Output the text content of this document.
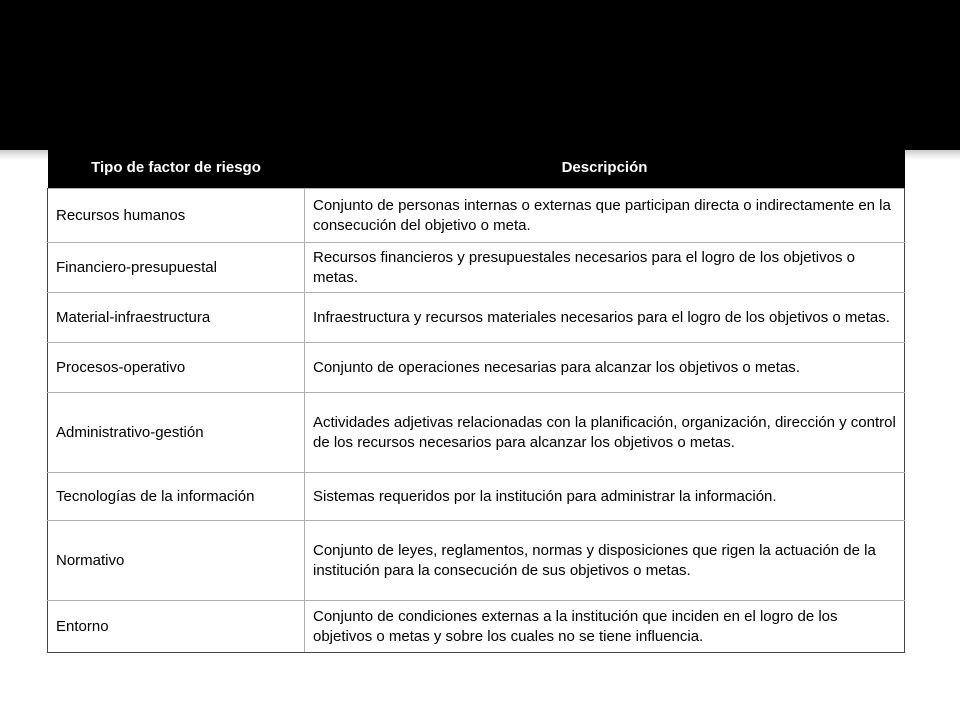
Tipo de factor de riesgo	Descripción
Recursos humanos	Conjunto de personas internas o externas que participan directa o indirectamente en la consecución del objetivo o meta.
Financiero-presupuestal	Recursos financieros y presupuestales necesarios para el logro de los objetivos o metas.
Material-infraestructura	Infraestructura y recursos materiales necesarios para el logro de los objetivos o metas.
Procesos-operativo	Conjunto de operaciones necesarias para alcanzar los objetivos o metas.
Administrativo-gestión	Actividades adjetivas relacionadas con la planificación, organización, dirección y control de los recursos necesarios para alcanzar los objetivos o metas.
Tecnologías de la información	Sistemas requeridos por la institución para administrar la información.
Normativo	Conjunto de leyes, reglamentos, normas y disposiciones que rigen la actuación de la institución para la consecución de sus objetivos o metas.
Entorno	Conjunto de condiciones externas a la institución que inciden en el logro de los objetivos o metas y sobre los cuales no se tiene influencia.
